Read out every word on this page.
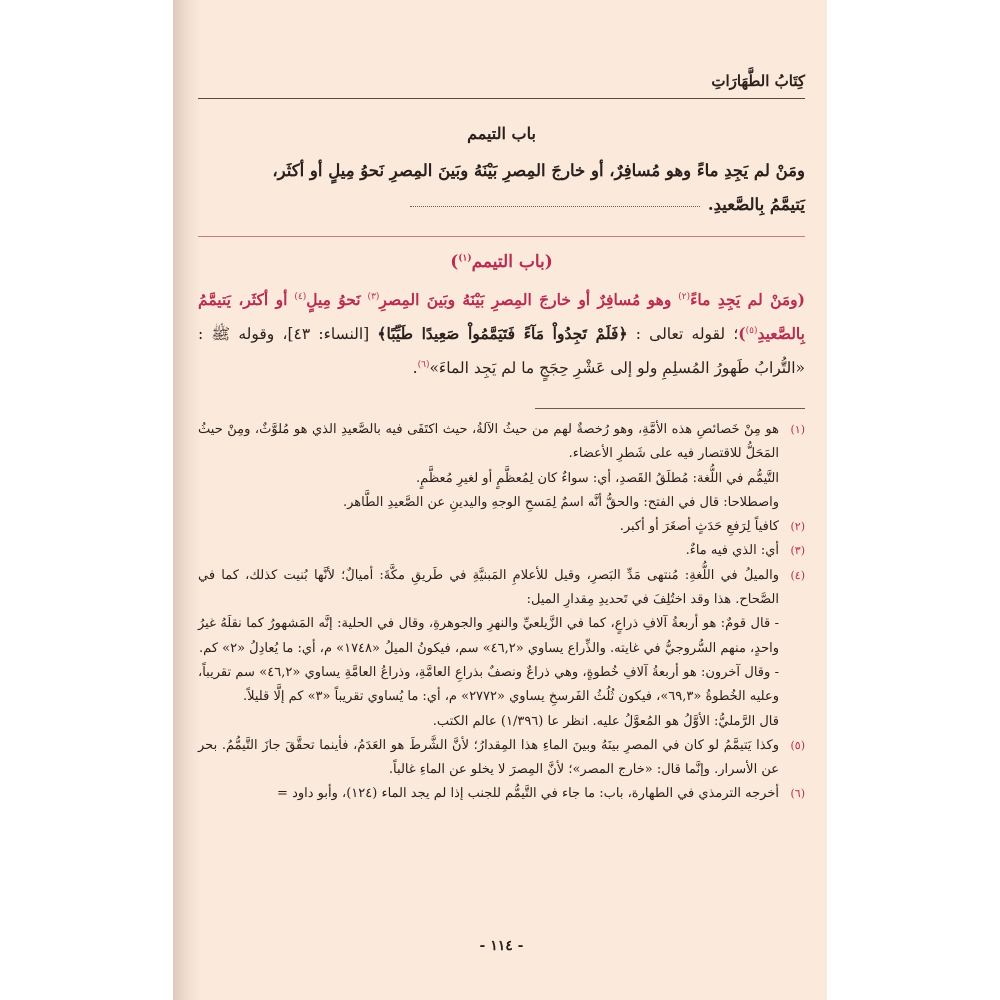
كِتَابُ الطَّهَارَاتِ
باب التيمم
ومَنْ لم يَجِدِ ماءً وهو مُسافِرٌ، أو خارجَ المِصرِ بَيْنَهُ وبَينَ المِصرِ نَحوُ مِيلٍ أو أكثَر،
يَتيمَّمُ بِالصَّعيدِ.
(باب التيمم$^{(١)}$)
(ومَنْ لم يَجِدِ ماءً$^{(٢)}$ وهو مُسافِرٌ أو خارجَ المِصرِ بَيْنَهُ وبَينَ المِصرِ$^{(٣)}$ نَحوُ مِيلٍ$^{(٤)}$ أو أكثَر، يَتيمَّمُ بِالصَّعيدِ$^{(٥)}$)؛ لقوله تعالى : ﴿فَلَمْ تَجِدُواْ مَآءً فَتَيَمَّمُواْ صَعِيدًا طَيِّبًا﴾ [النساء: ٤٣]، وقوله ﷺ : «التُّرابُ طَهورُ المُسلِمِ ولو إلى عَشْرِ حِجَجٍ ما لم يَجِد الماءَ»$^{(٦)}$.
(١)
هو مِنْ خَصائصِ هذه الأمَّةِ، وهو رُخصةٌ لهم من حيثُ الآلةُ، حيث اكتَفَى فيه بالصَّعيدِ الذي هو مُلوَّثٌ، ومِنْ حيثُ المَحَلُّ للاقتصار فيه على شَطرِ الأعضاء.
التَّيمُّم في اللُّغة: مُطلَقُ القَصدِ، أي: سواءٌ كان لِمُعظَّمٍ أو لغيرِ مُعظَّمٍ.
واصطلاحا: قال في الفتح: والحقُّ أنَّه اسمٌ لِمَسحِ الوجهِ واليدينِ عن الصَّعيدِ الطَّاهر.
(٢)
كافياً لِرَفعِ حَدَثٍ أصغَرَ أو أكبر.
(٣)
أي: الذي فيه ماءٌ.
(٤)
والميلُ في اللُّغةِ: مُنتهى مَدِّ البَصرِ، وقيل للأعلامِ المَبنيَّةِ في طَريقِ مكَّةَ: أميالٌ؛ لأنَّها بُنيت كذلك، كما في الصَّحاح. هذا وقد اختُلِفَ في تَحديدِ مِقدارِ الميل:
- قال قومٌ: هو أربعةُ آلافِ ذراعٍ، كما في الزَّيلعيِّ والنهرِ والجوهرةِ، وقال في الحلية: إنَّه المَشهورُ كما نقلَهُ غيرُ واحدٍ، منهم السُّروجيُّ في غايته. والذِّراع يساوي «٤٦,٢» سم، فيكونُ الميلُ «١٧٤٨» م، أي: ما يُعادِلُ «٢» كم.
- وقال آخرون: هو أربعةُ آلافِ خُطوةٍ، وهي ذراعٌ ونصفٌ بذراعِ العامَّةِ، وذراعُ العامَّةِ يساوي «٤٦,٢» سم تقريباً، وعليه الخُطوةُ «٦٩,٣»، فيكون ثُلُثُ الفَرسخِ يساوي «٢٧٧٢» م، أي: ما يُساوي تقريباً «٣» كم إلَّا قليلاً.
قال الرَّمليُّ: الأوَّلُ هو المُعوَّلُ عليه. انظر عا (١/٣٩٦) عالم الكتب.
(٥)
وكذا يَتيمَّمُ لو كان في المصرِ بينَهُ وبينَ الماءِ هذا المِقدارُ؛ لأنَّ الشَّرطَ هو العَدَمُ، فأينما تحقَّقَ جازَ التَّيمُّمُ. بحر عن الأسرار. وإنَّما قال: «خارج المصر»؛ لأنَّ المِصرَ لا يخلو عن الماءِ غالباً.
(٦)
أخرجه الترمذي في الطهارة، باب: ما جاء في التَّيمُّم للجنب إذا لم يجد الماء (١٢٤)، وأبو داود =
- ١١٤ -
